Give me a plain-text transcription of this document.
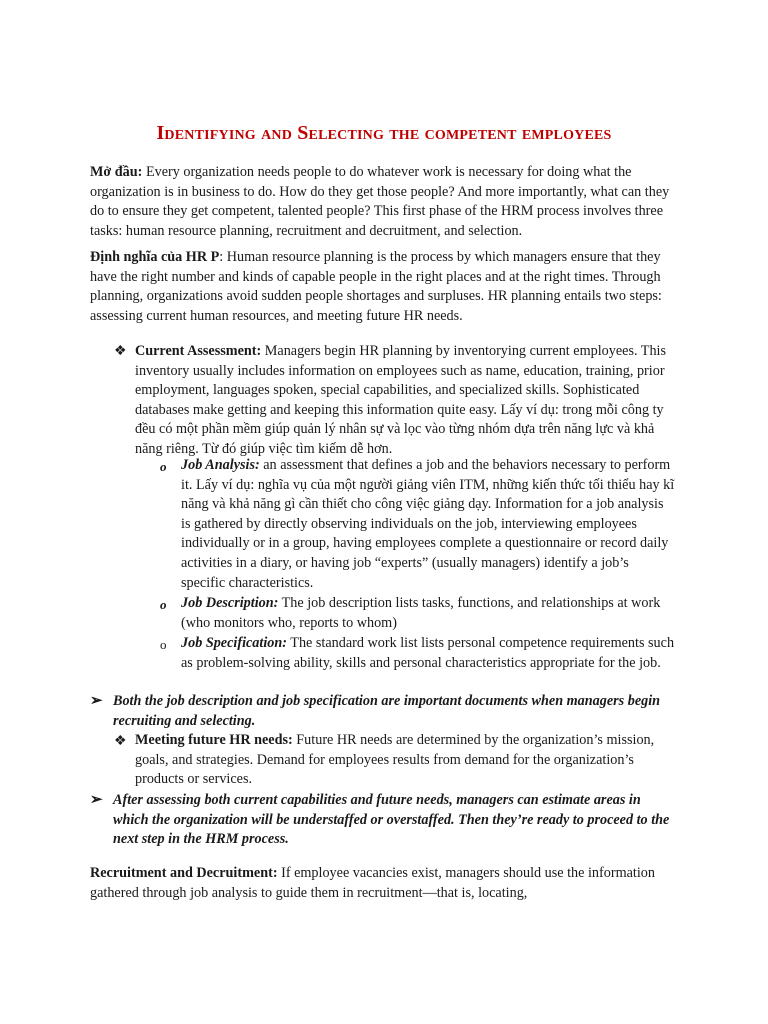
Identifying and Selecting the competent employees

Mở đầu: Every organization needs people to do whatever work is necessary for doing what the organization is in business to do. How do they get those people? And more importantly, what can they do to ensure they get competent, talented people? This first phase of the HRM process involves three tasks: human resource planning, recruitment and decruitment, and selection.

Định nghĩa của HR P: Human resource planning is the process by which managers ensure that they have the right number and kinds of capable people in the right places and at the right times. Through planning, organizations avoid sudden people shortages and surpluses. HR planning entails two steps: assessing current human resources, and meeting future HR needs.

❖ Current Assessment: Managers begin HR planning by inventorying current employees. This inventory usually includes information on employees such as name, education, training, prior employment, languages spoken, special capabilities, and specialized skills. Sophisticated databases make getting and keeping this information quite easy. Lấy ví dụ: trong mỗi công ty đều có một phần mềm giúp quản lý nhân sự và lọc vào từng nhóm dựa trên năng lực và khả năng riêng. Từ đó giúp việc tìm kiếm dễ hơn.
o Job Analysis: an assessment that defines a job and the behaviors necessary to perform it. Lấy ví dụ: nghĩa vụ của một người giảng viên ITM, những kiến thức tối thiểu hay kĩ năng và khả năng gì cần thiết cho công việc giảng dạy. Information for a job analysis is gathered by directly observing individuals on the job, interviewing employees individually or in a group, having employees complete a questionnaire or record daily activities in a diary, or having job “experts” (usually managers) identify a job’s specific characteristics.
o Job Description: The job description lists tasks, functions, and relationships at work (who monitors who, reports to whom)
o Job Specification: The standard work list lists personal competence requirements such as problem-solving ability, skills and personal characteristics appropriate for the job.
➢ Both the job description and job specification are important documents when managers begin recruiting and selecting.
❖ Meeting future HR needs: Future HR needs are determined by the organization’s mission, goals, and strategies. Demand for employees results from demand for the organization’s products or services.
➢ After assessing both current capabilities and future needs, managers can estimate areas in which the organization will be understaffed or overstaffed. Then they’re ready to proceed to the next step in the HRM process.

Recruitment and Decruitment: If employee vacancies exist, managers should use the information gathered through job analysis to guide them in recruitment—that is, locating,
